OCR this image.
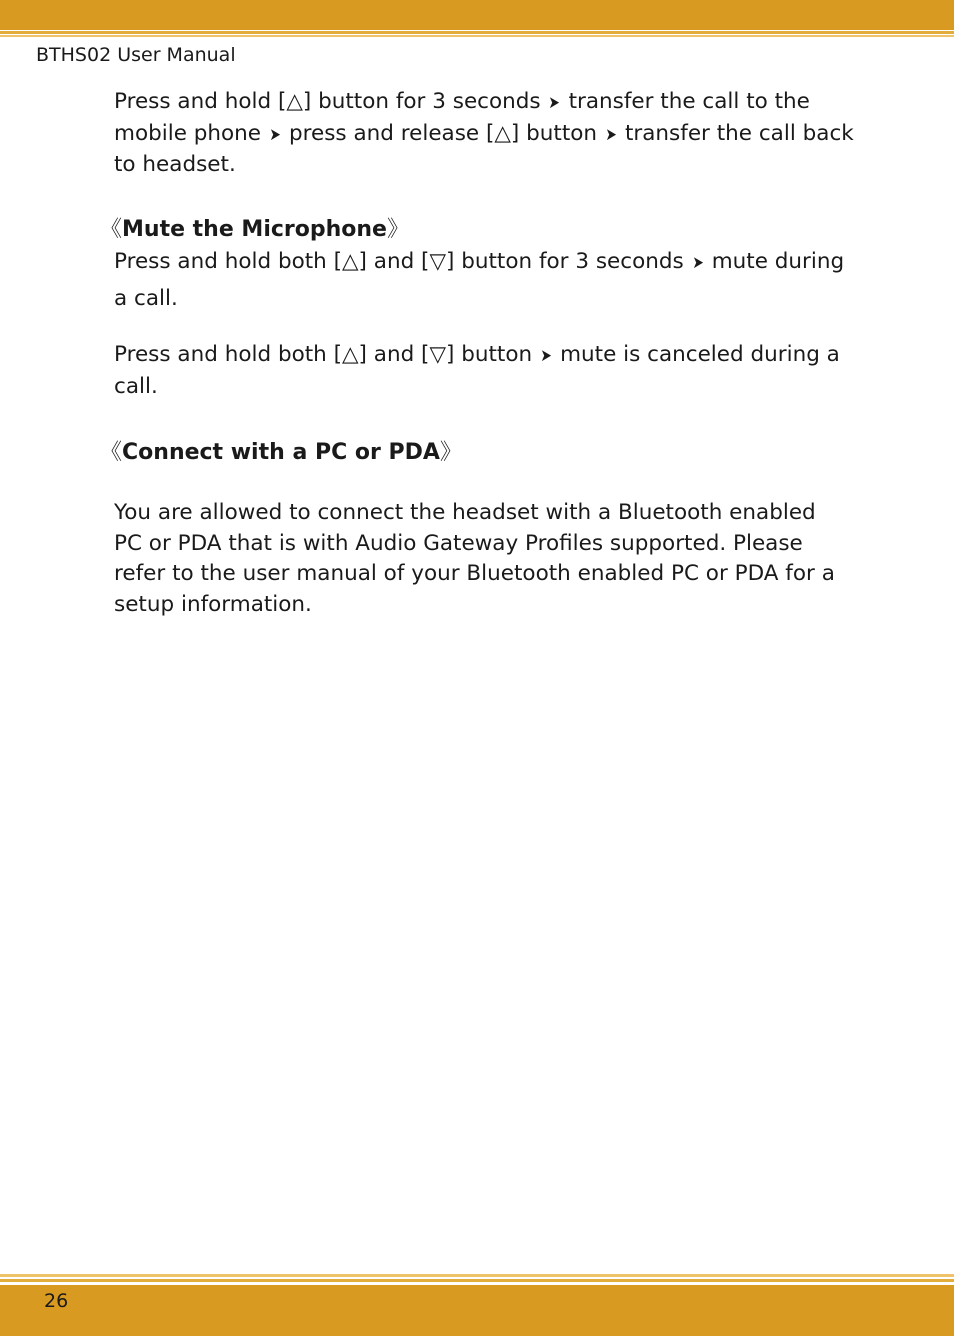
BTHS02 User Manual

Press and hold [△] button for 3 seconds ➤ transfer the call to the mobile phone ➤ press and release [△] button ➤ transfer the call back to headset.

《Mute the Microphone》

Press and hold both [△] and [▽] button for 3 seconds ➤ mute during a call.

Press and hold both [△] and [▽] button ➤ mute is canceled during a call.

《Connect with a PC or PDA》

You are allowed to connect the headset with a Bluetooth enabled PC or PDA that is with Audio Gateway Profiles supported. Please refer to the user manual of your Bluetooth enabled PC or PDA for a setup information.

26
